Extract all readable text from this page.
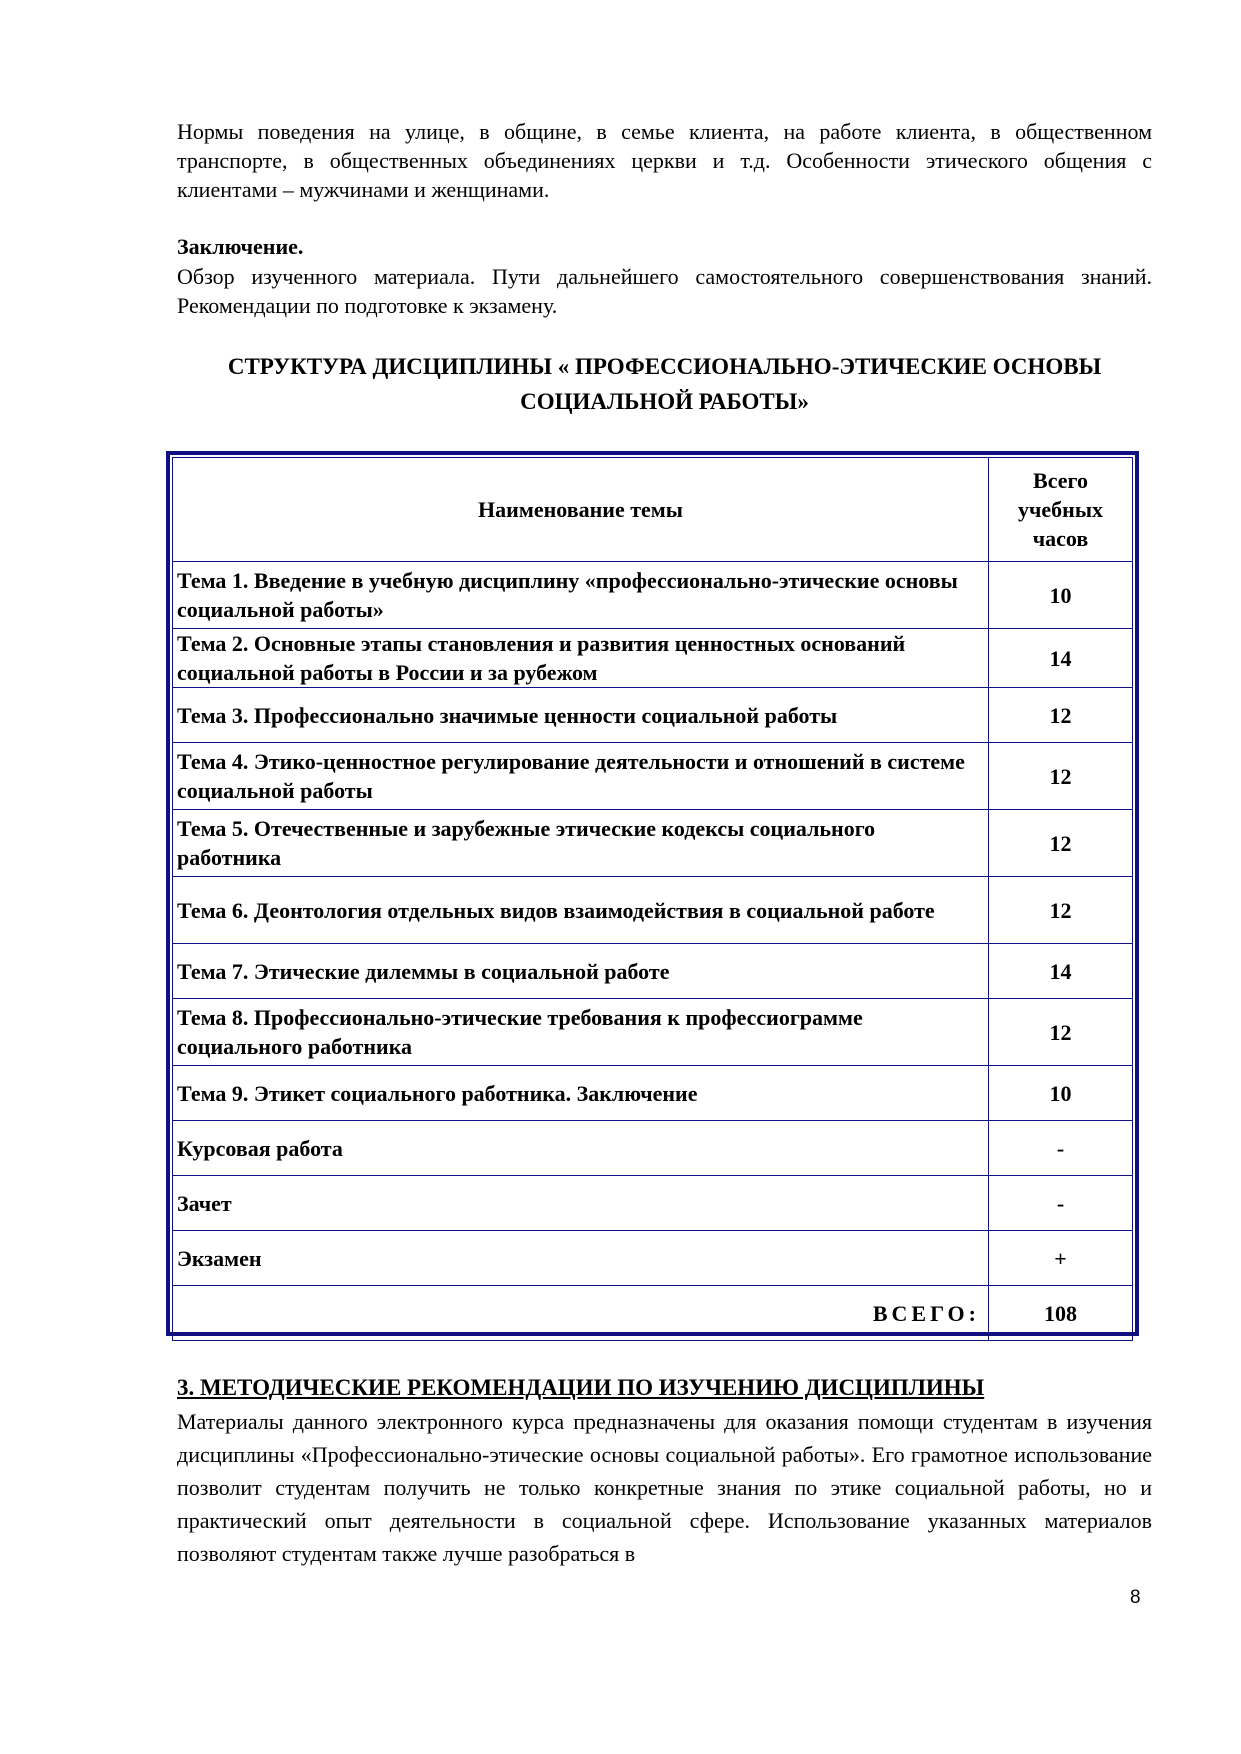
Нормы поведения на улице, в общине, в семье клиента, на работе клиента, в общественном транспорте, в общественных объединениях церкви и т.д. Особенности этического общения с клиентами – мужчинами и женщинами.

Заключение.

Обзор изученного материала. Пути дальнейшего самостоятельного совершенствования знаний. Рекомендации по подготовке к экзамену.

СТРУКТУРА ДИСЦИПЛИНЫ « ПРОФЕССИОНАЛЬНО-ЭТИЧЕСКИЕ ОСНОВЫ
СОЦИАЛЬНОЙ РАБОТЫ»
Наименование темы	Всего
учебных
часов

Тема 1. Введение в учебную дисциплину «профессионально-этические основы социальной работы»	10
Тема 2. Основные этапы становления и развития ценностных оснований социальной работы в России и за рубежом	14
Тема 3. Профессионально значимые ценности социальной работы	12
Тема 4. Этико-ценностное регулирование деятельности и отношений в системе социальной работы	12
Тема 5. Отечественные и зарубежные этические кодексы социального работника	12
Тема 6. Деонтология отдельных видов взаимодействия в социальной работе	12
Тема 7. Этические дилеммы в социальной работе	14
Тема 8. Профессионально-этические требования к профессиограмме социального работника	12
Тема 9. Этикет социального работника. Заключение	10
Курсовая работа	-
Зачет	-
Экзамен	+
ВСЕГО:	108

3. МЕТОДИЧЕСКИЕ РЕКОМЕНДАЦИИ ПО ИЗУЧЕНИЮ ДИСЦИПЛИНЫ

Материалы данного электронного курса предназначены для оказания помощи студентам в изучения дисциплины «Профессионально-этические основы социальной работы». Его грамотное использование позволит студентам получить не только конкретные знания по этике социальной работы, но и практический опыт деятельности в социальной сфере. Использование указанных материалов позволяют студентам также лучше разобраться в

8
